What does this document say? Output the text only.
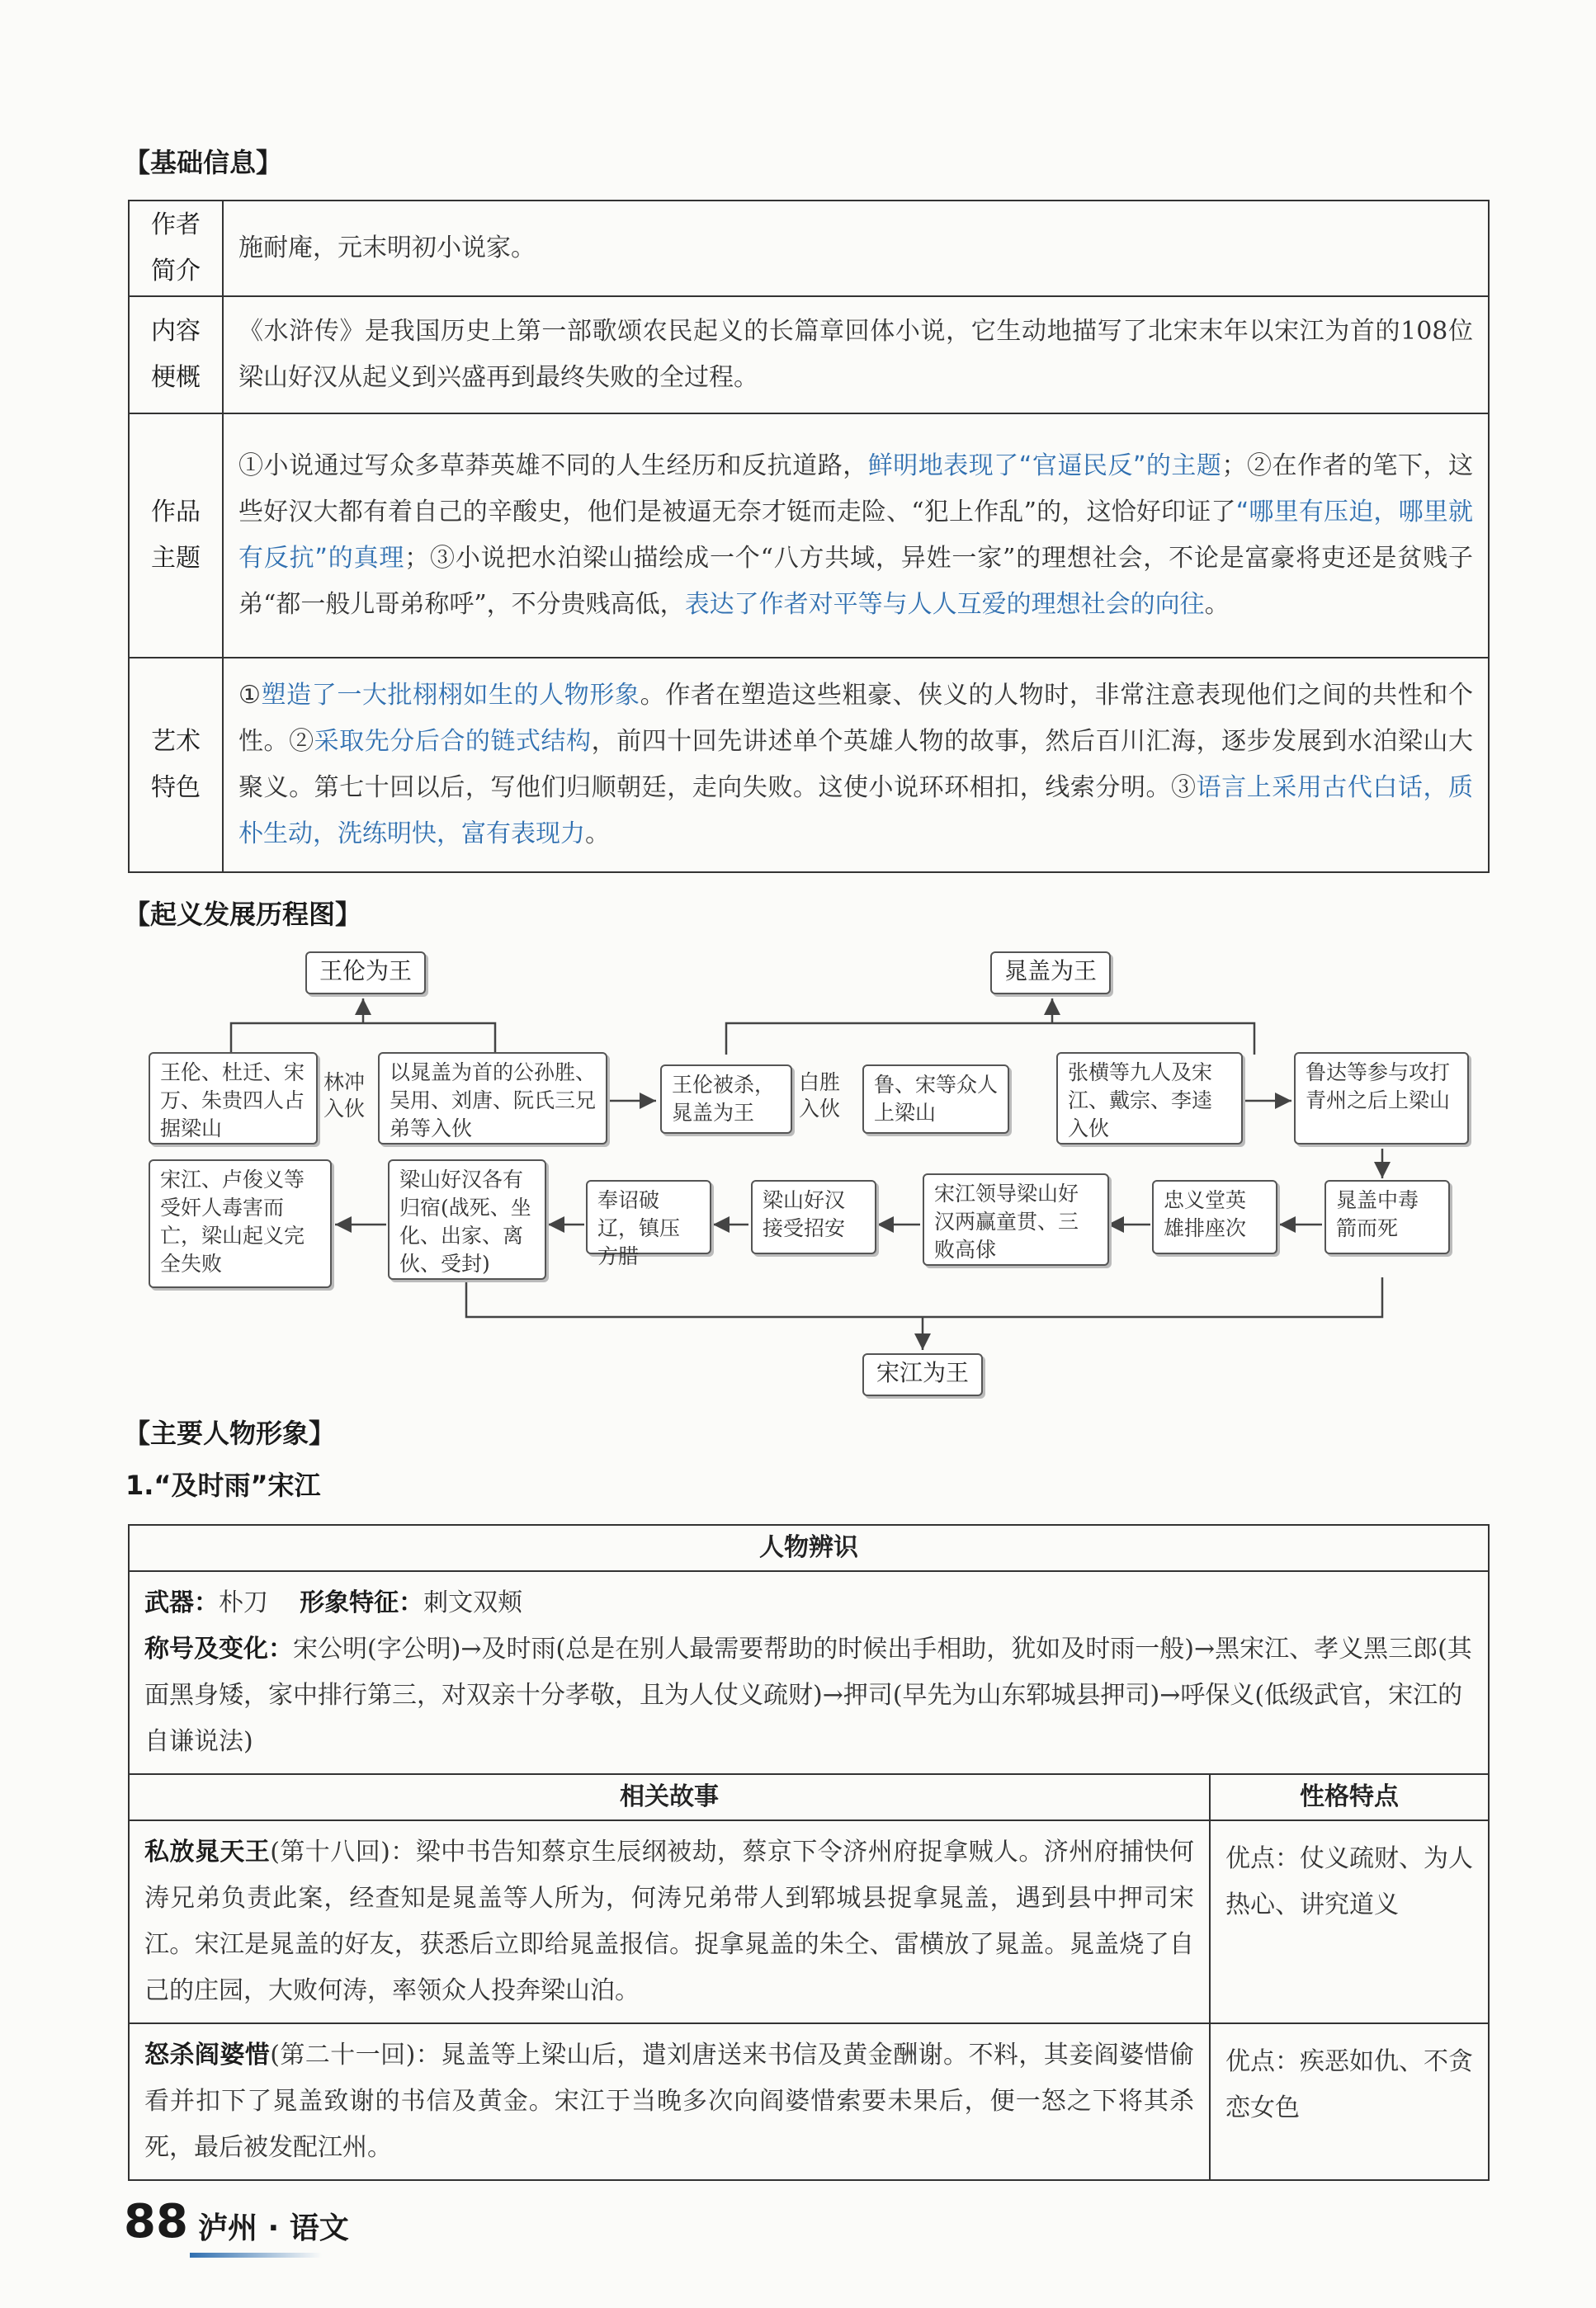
【基础信息】
作者
简介	施耐庵，元末明初小说家。
内容
梗概	《水浒传》是我国历史上第一部歌颂农民起义的长篇章回体小说，它生动地描写了北宋末年以宋江为首的108位梁山好汉从起义到兴盛再到最终失败的全过程。
作品
主题	①小说通过写众多草莽英雄不同的人生经历和反抗道路，鲜明地表现了“官逼民反”的主题；②在作者的笔下，这些好汉大都有着自己的辛酸史，他们是被逼无奈才铤而走险、“犯上作乱”的，这恰好印证了“哪里有压迫，哪里就有反抗”的真理；③小说把水泊梁山描绘成一个“八方共域，异姓一家”的理想社会，不论是富豪将吏还是贫贱子弟“都一般儿哥弟称呼”，不分贵贱高低，表达了作者对平等与人人互爱的理想社会的向往。
艺术
特色	①塑造了一大批栩栩如生的人物形象。作者在塑造这些粗豪、侠义的人物时，非常注意表现他们之间的共性和个性。②采取先分后合的链式结构，前四十回先讲述单个英雄人物的故事，然后百川汇海，逐步发展到水泊梁山大聚义。第七十回以后，写他们归顺朝廷，走向失败。这使小说环环相扣，线索分明。③语言上采用古代白话，质朴生动，洗练明快，富有表现力。
【起义发展历程图】
王伦为王	晁盖为王
宋江为王
王伦、杜迁、宋万、朱贵四人占据梁山
林冲
入伙
以晁盖为首的公孙胜、吴用、刘唐、阮氏三兄弟等入伙
王伦被杀，晁盖为王
白胜
入伙
鲁、宋等众人上梁山
张横等九人及宋江、戴宗、李逵入伙
鲁达等参与攻打青州之后上梁山
宋江、卢俊义等受奸人毒害而亡，梁山起义完全失败
梁山好汉各有归宿(战死、坐化、出家、离伙、受封)
奉诏破辽，镇压方腊
梁山好汉接受招安
宋江领导梁山好汉两赢童贯、三败高俅
忠义堂英雄排座次
晁盖中毒箭而死
【主要人物形象】
1.“及时雨”宋江
人物辨识	
武器：朴刀 形象特征：刺文双颊
称号及变化：宋公明(字公明)→及时雨(总是在别人最需要帮助的时候出手相助，犹如及时雨一般)→黑宋江、孝义黑三郎(其面黑身矮，家中排行第三，对双亲十分孝敬，且为人仗义疏财)→押司(早先为山东郓城县押司)→呼保义(低级武官，宋江的自谦说法)	
相关故事	性格特点
私放晁天王(第十八回)：梁中书告知蔡京生辰纲被劫，蔡京下令济州府捉拿贼人。济州府捕快何涛兄弟负责此案，经查知是晁盖等人所为，何涛兄弟带人到郓城县捉拿晁盖，遇到县中押司宋江。宋江是晁盖的好友，获悉后立即给晁盖报信。捉拿晁盖的朱仝、雷横放了晁盖。晁盖烧了自己的庄园，大败何涛，率领众人投奔梁山泊。	优点：仗义疏财、为人热心、讲究道义
怒杀阎婆惜(第二十一回)：晁盖等上梁山后，遣刘唐送来书信及黄金酬谢。不料，其妾阎婆惜偷看并扣下了晁盖致谢的书信及黄金。宋江于当晚多次向阎婆惜索要未果后，便一怒之下将其杀死，最后被发配江州。	优点：疾恶如仇、不贪恋女色
88 泸州 · 语文
